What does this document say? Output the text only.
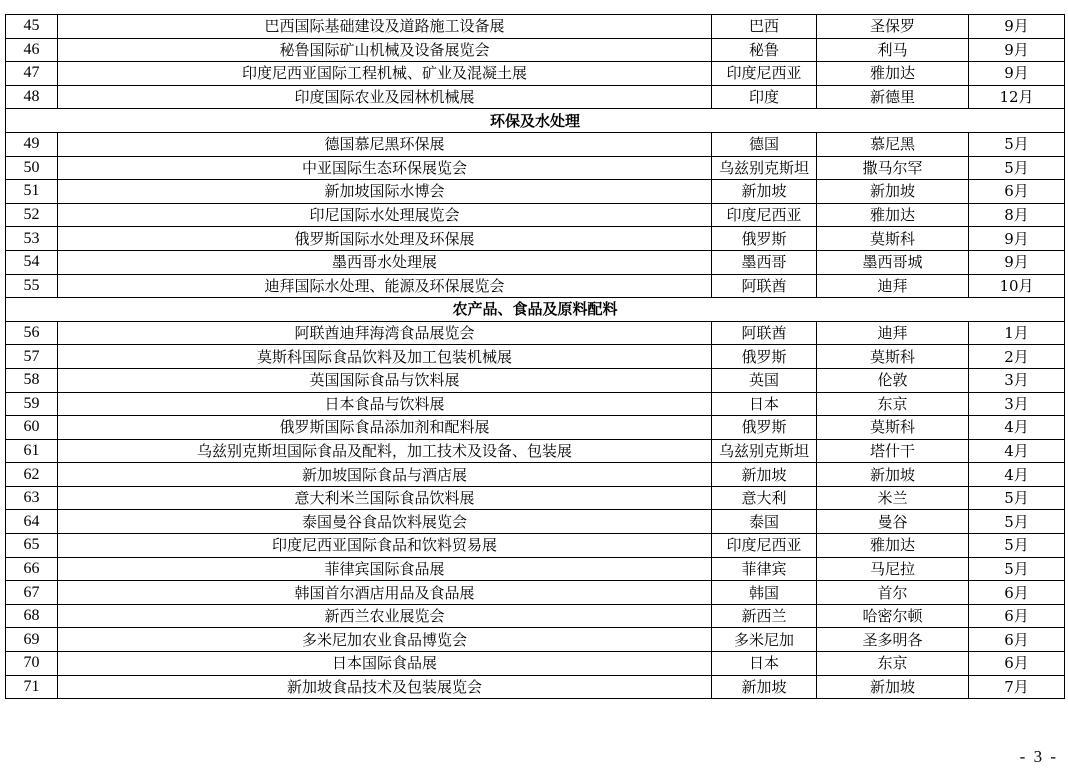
45	巴西国际基础建设及道路施工设备展	巴西	圣保罗	9月
46	秘鲁国际矿山机械及设备展览会	秘鲁	利马	9月
47	印度尼西亚国际工程机械、矿业及混凝土展	印度尼西亚	雅加达	9月
48	印度国际农业及园林机械展	印度	新德里	12月
环保及水处理				
49	德国慕尼黑环保展	德国	慕尼黑	5月
50	中亚国际生态环保展览会	乌兹别克斯坦	撒马尔罕	5月
51	新加坡国际水博会	新加坡	新加坡	6月
52	印尼国际水处理展览会	印度尼西亚	雅加达	8月
53	俄罗斯国际水处理及环保展	俄罗斯	莫斯科	9月
54	墨西哥水处理展	墨西哥	墨西哥城	9月
55	迪拜国际水处理、能源及环保展览会	阿联酋	迪拜	10月
农产品、食品及原料配料				
56	阿联酋迪拜海湾食品展览会	阿联酋	迪拜	1月
57	莫斯科国际食品饮料及加工包装机械展	俄罗斯	莫斯科	2月
58	英国国际食品与饮料展	英国	伦敦	3月
59	日本食品与饮料展	日本	东京	3月
60	俄罗斯国际食品添加剂和配料展	俄罗斯	莫斯科	4月
61	乌兹别克斯坦国际食品及配料，加工技术及设备、包装展	乌兹别克斯坦	塔什干	4月
62	新加坡国际食品与酒店展	新加坡	新加坡	4月
63	意大利米兰国际食品饮料展	意大利	米兰	5月
64	泰国曼谷食品饮料展览会	泰国	曼谷	5月
65	印度尼西亚国际食品和饮料贸易展	印度尼西亚	雅加达	5月
66	菲律宾国际食品展	菲律宾	马尼拉	5月
67	韩国首尔酒店用品及食品展	韩国	首尔	6月
68	新西兰农业展览会	新西兰	哈密尔顿	6月
69	多米尼加农业食品博览会	多米尼加	圣多明各	6月
70	日本国际食品展	日本	东京	6月
71	新加坡食品技术及包装展览会	新加坡	新加坡	7月
- 3 -
